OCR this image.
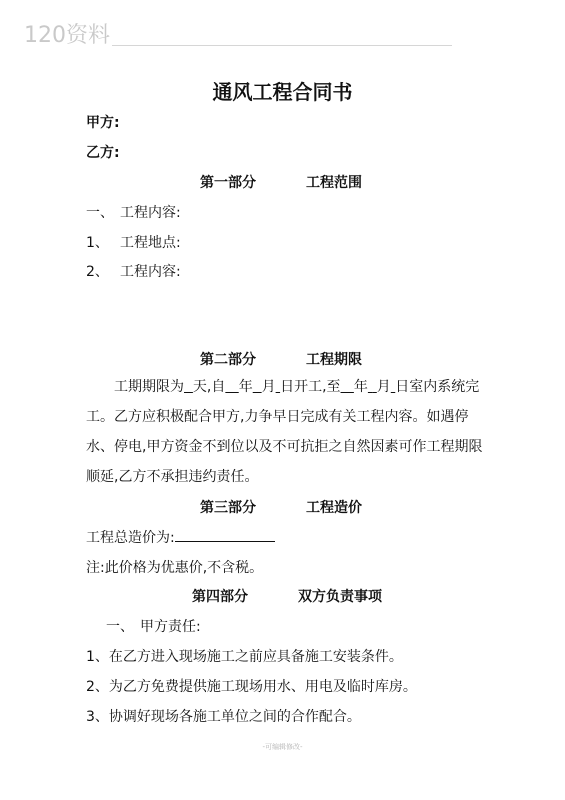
120资料
通风工程合同书
甲方:
乙方:
第一部分	工程范围
一、 工程内容:
1、 工程地点:
2、 工程内容:
第二部分	工程期限
工期期限为 天,自 年 月 日开工,至 年 月 日室内系统完工。乙方应积极配合甲方,力争早日完成有关工程内容。如遇停水、停电,甲方资金不到位以及不可抗拒之自然因素可作工程期限顺延,乙方不承担违约责任。
第三部分	工程造价
工程总造价为:
注:此价格为优惠价,不含税。
第四部分	双方负责事项
一、 甲方责任:
1、在乙方进入现场施工之前应具备施工安装条件。
2、为乙方免费提供施工现场用水、用电及临时库房。
3、协调好现场各施工单位之间的合作配合。
-可编辑修改-
